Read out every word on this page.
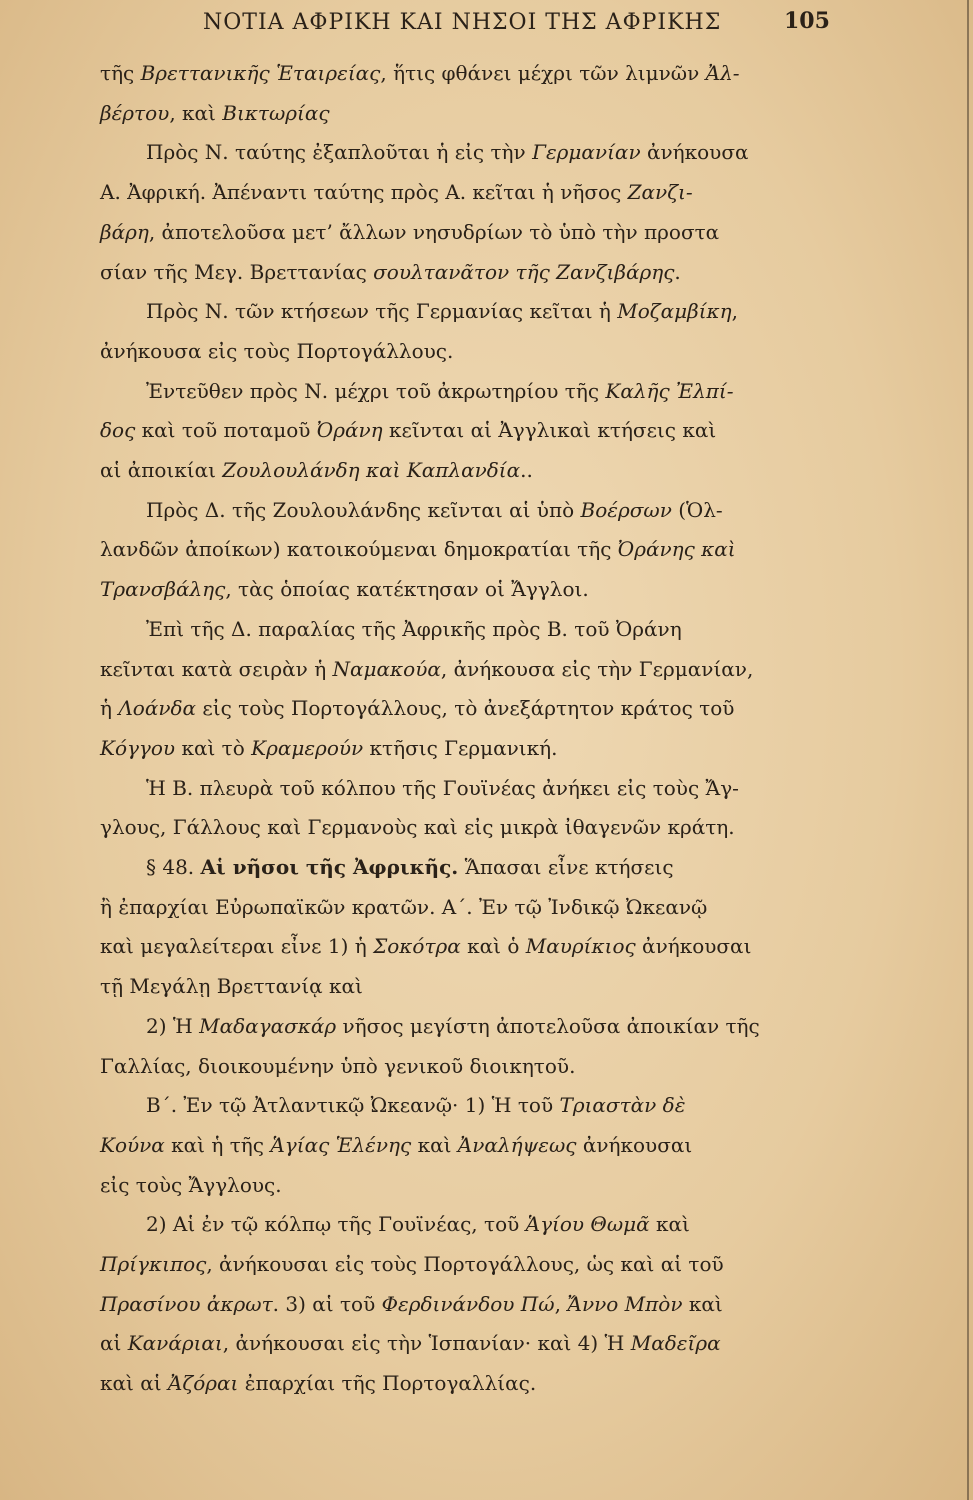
ΝΟΤΙΑ ΑΦΡΙΚΗ ΚΑΙ ΝΗΣΟΙ ΤΗΣ ΑΦΡΙΚΗΣ	105
τῆς Βρεττανικῆς Ἑταιρείας, ἥτις φθάνει μέχρι τῶν λιμνῶν Ἀλ-
βέρτου, καὶ Βικτωρίας
Πρὸς Ν. ταύτης ἐξαπλοῦται ἡ εἰς τὴν Γερμανίαν ἀνήκουσα
Α. Ἀφρική. Ἀπέναντι ταύτης πρὸς Α. κεῖται ἡ νῆσος Ζανζι-
βάρη, ἀποτελοῦσα μετ’ ἄλλων νησυδρίων τὸ ὑπὸ τὴν προστα
σίαν τῆς Μεγ. Βρεττανίας σουλτανᾶτον τῆς Ζανζιβάρης.
Πρὸς Ν. τῶν κτήσεων τῆς Γερμανίας κεῖται ἡ Μοζαμβίκη,
ἀνήκουσα εἰς τοὺς Πορτογάλλους.
Ἐντεῦθεν πρὸς Ν. μέχρι τοῦ ἀκρωτηρίου τῆς Καλῆς Ἐλπί-
δος καὶ τοῦ ποταμοῦ Ὀράνη κεῖνται αἱ Ἀγγλικαὶ κτήσεις καὶ
αἱ ἀποικίαι Ζουλουλάνδη καὶ Καπλανδία..
Πρὸς Δ. τῆς Ζουλουλάνδης κεῖνται αἱ ὑπὸ Βοέρσων (Ὁλ-
λανδῶν ἀποίκων) κατοικούμεναι δημοκρατίαι τῆς Ὀράνης καὶ
Τρανσβάλης, τὰς ὁποίας κατέκτησαν οἱ Ἄγγλοι.
Ἐπὶ τῆς Δ. παραλίας τῆς Ἀφρικῆς πρὸς Β. τοῦ Ὀράνη
κεῖνται κατὰ σειρὰν ἡ Ναμακούα, ἀνήκουσα εἰς τὴν Γερμανίαν,
ἡ Λοάνδα εἰς τοὺς Πορτογάλλους, τὸ ἀνεξάρτητον κράτος τοῦ
Κόγγου καὶ τὸ Κραμερούν κτῆσις Γερμανική.
Ἡ Β. πλευρὰ τοῦ κόλπου τῆς Γουϊνέας ἀνήκει εἰς τοὺς Ἄγ-
γλους, Γάλλους καὶ Γερμανοὺς καὶ εἰς μικρὰ ἰθαγενῶν κράτη.
§ 48. Αἱ νῆσοι τῆς Ἀφρικῆς. Ἅπασαι εἶνε κτήσεις
ἢ ἐπαρχίαι Εὐρωπαϊκῶν κρατῶν. Α΄. Ἐν τῷ Ἰνδικῷ Ὠκεανῷ
καὶ μεγαλείτεραι εἶνε 1) ἡ Σοκότρα καὶ ὁ Μαυρίκιος ἀνήκουσαι
τῇ Μεγάλῃ Βρεττανίᾳ καὶ
2) Ἡ Μαδαγασκάρ νῆσος μεγίστη ἀποτελοῦσα ἀποικίαν τῆς
Γαλλίας, διοικουμένην ὑπὸ γενικοῦ διοικητοῦ.
Β΄. Ἐν τῷ Ἀτλαντικῷ Ὠκεανῷ· 1) Ἡ τοῦ Τριαστὰν δὲ
Κούνα καὶ ἡ τῆς Ἁγίας Ἑλένης καὶ Ἀναλήψεως ἀνήκουσαι
εἰς τοὺς Ἄγγλους.
2) Αἱ ἐν τῷ κόλπῳ τῆς Γουϊνέας, τοῦ Ἁγίου Θωμᾶ καὶ
Πρίγκιπος, ἀνήκουσαι εἰς τοὺς Πορτογάλλους, ὡς καὶ αἱ τοῦ
Πρασίνου ἀκρωτ. 3) αἱ τοῦ Φερδινάνδου Πώ, Ἄννο Μπὸν καὶ
αἱ Κανάριαι, ἀνήκουσαι εἰς τὴν Ἱσπανίαν· καὶ 4) Ἡ Μαδεῖρα
καὶ αἱ Ἀζόραι ἐπαρχίαι τῆς Πορτογαλλίας.
